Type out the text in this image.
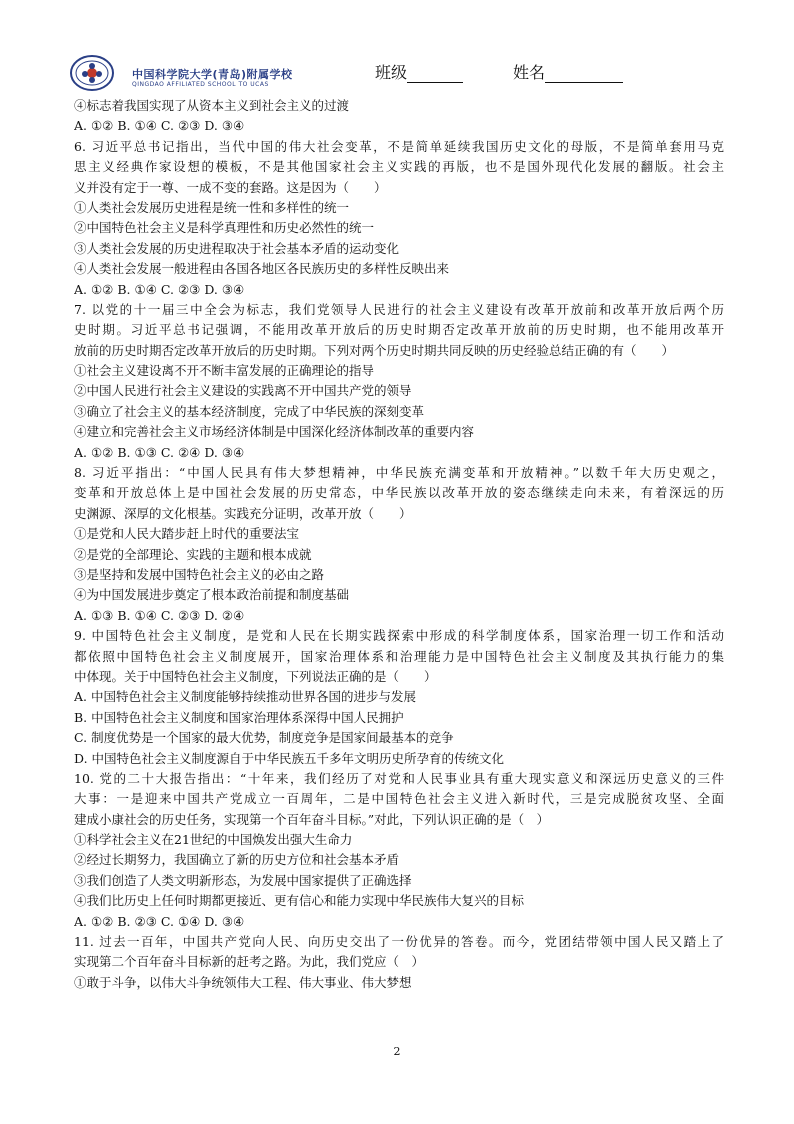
中国科学院大学(青岛)附属学校
QINGDAO AFFILIATED SCHOOL TO UCAS
班级	姓名
④标志着我国实现了从资本主义到社会主义的过渡
A. ①② B. ①④ C. ②③ D. ③④
6. 习近平总书记指出，当代中国的伟大社会变革，不是简单延续我国历史文化的母版，不是简单套用马克
思主义经典作家设想的模板，不是其他国家社会主义实践的再版，也不是国外现代化发展的翻版。社会主
义并没有定于一尊、一成不变的套路。这是因为（　　）
①人类社会发展历史进程是统一性和多样性的统一
②中国特色社会主义是科学真理性和历史必然性的统一
③人类社会发展的历史进程取决于社会基本矛盾的运动变化
④人类社会发展一般进程由各国各地区各民族历史的多样性反映出来
A. ①② B. ①④ C. ②③ D. ③④
7. 以党的十一届三中全会为标志，我们党领导人民进行的社会主义建设有改革开放前和改革开放后两个历
史时期。习近平总书记强调，不能用改革开放后的历史时期否定改革开放前的历史时期，也不能用改革开
放前的历史时期否定改革开放后的历史时期。下列对两个历史时期共同反映的历史经验总结正确的有（　　）
①社会主义建设离不开不断丰富发展的正确理论的指导
②中国人民进行社会主义建设的实践离不开中国共产党的领导
③确立了社会主义的基本经济制度，完成了中华民族的深刻变革
④建立和完善社会主义市场经济体制是中国深化经济体制改革的重要内容
A. ①② B. ①③ C. ②④ D. ③④
8. 习近平指出：“中国人民具有伟大梦想精神，中华民族充满变革和开放精神。”以数千年大历史观之，
变革和开放总体上是中国社会发展的历史常态，中华民族以改革开放的姿态继续走向未来，有着深远的历
史渊源、深厚的文化根基。实践充分证明，改革开放（　　）
①是党和人民大踏步赶上时代的重要法宝
②是党的全部理论、实践的主题和根本成就
③是坚持和发展中国特色社会主义的必由之路
④为中国发展进步奠定了根本政治前提和制度基础
A. ①③ B. ①④ C. ②③ D. ②④
9. 中国特色社会主义制度，是党和人民在长期实践探索中形成的科学制度体系，国家治理一切工作和活动
都依照中国特色社会主义制度展开，国家治理体系和治理能力是中国特色社会主义制度及其执行能力的集
中体现。关于中国特色社会主义制度，下列说法正确的是（　　）
A. 中国特色社会主义制度能够持续推动世界各国的进步与发展
B. 中国特色社会主义制度和国家治理体系深得中国人民拥护
C. 制度优势是一个国家的最大优势，制度竞争是国家间最基本的竞争
D. 中国特色社会主义制度源自于中华民族五千多年文明历史所孕育的传统文化
10. 党的二十大报告指出：“十年来，我们经历了对党和人民事业具有重大现实意义和深远历史意义的三件
大事：一是迎来中国共产党成立一百周年，二是中国特色社会主义进入新时代，三是完成脱贫攻坚、全面
建成小康社会的历史任务，实现第一个百年奋斗目标。”对此，下列认识正确的是（　）
①科学社会主义在21世纪的中国焕发出强大生命力
②经过长期努力，我国确立了新的历史方位和社会基本矛盾
③我们创造了人类文明新形态，为发展中国家提供了正确选择
④我们比历史上任何时期都更接近、更有信心和能力实现中华民族伟大复兴的目标
A. ①② B. ②③ C. ①④ D. ③④
11. 过去一百年，中国共产党向人民、向历史交出了一份优异的答卷。而今，党团结带领中国人民又踏上了
实现第二个百年奋斗目标新的赶考之路。为此，我们党应（　）
①敢于斗争，以伟大斗争统领伟大工程、伟大事业、伟大梦想
2
